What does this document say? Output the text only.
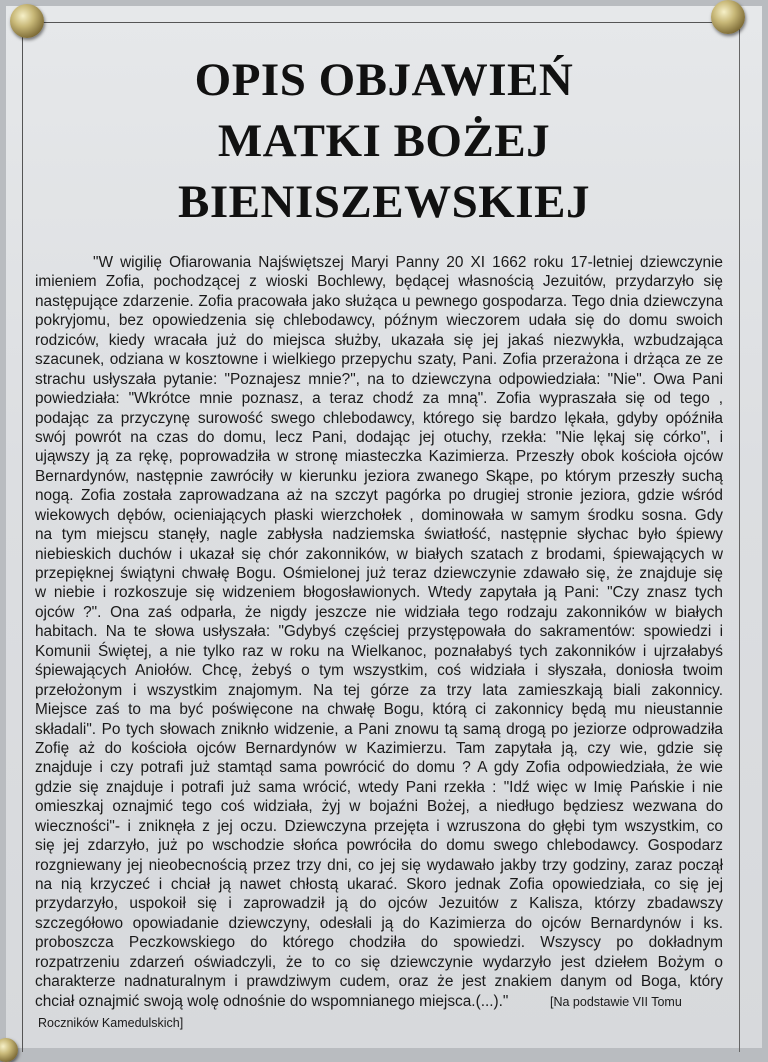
OPIS OBJAWIEŃ
MATKI BOŻEJ
BIENISZEWSKIEJ
"W wigilię Ofiarowania Najświętszej Maryi Panny 20 XI 1662 roku 17-letniej dziewczynie
imieniem Zofia, pochodzącej z wioski Bochlewy, będącej własnością Jezuitów, przydarzyło się
następujące zdarzenie. Zofia pracowała jako służąca u pewnego gospodarza. Tego dnia dziewczyna
pokryjomu, bez opowiedzenia się chlebodawcy, późnym wieczorem udała się do domu swoich
rodziców, kiedy wracała już do miejsca służby, ukazała się jej jakaś niezwykła, wzbudzająca
szacunek, odziana w kosztowne i wielkiego przepychu szaty, Pani. Zofia przerażona i drżąca ze ze
strachu usłyszała pytanie: "Poznajesz mnie?", na to dziewczyna odpowiedziała: "Nie". Owa Pani
powiedziała: "Wkrótce mnie poznasz, a teraz chodź za mną". Zofia wypraszała się od tego ,
podając za przyczynę surowość swego chlebodawcy, którego się bardzo lękała, gdyby opóźniła
swój powrót na czas do domu, lecz Pani, dodając jej otuchy, rzekła: "Nie lękaj się córko", i
ująwszy ją za rękę, poprowadziła w stronę miasteczka Kazimierza. Przeszły obok kościoła ojców
Bernardynów, następnie zawróciły w kierunku jeziora zwanego Skąpe, po którym przeszły suchą
nogą. Zofia została zaprowadzana aż na szczyt pagórka po drugiej stronie jeziora, gdzie wśród
wiekowych dębów, ocieniających płaski wierzchołek , dominowała w samym środku sosna. Gdy
na tym miejscu stanęły, nagle zabłysła nadziemska światłość, następnie słychac było śpiewy
niebieskich duchów i ukazał się chór zakonników, w białych szatach z brodami, śpiewających w
przepięknej świątyni chwałę Bogu. Ośmielonej już teraz dziewczynie zdawało się, że znajduje się
w niebie i rozkoszuje się widzeniem błogosławionych. Wtedy zapytała ją Pani: "Czy znasz tych
ojców ?". Ona zaś odparła, że nigdy jeszcze nie widziała tego rodzaju zakonników w białych
habitach. Na te słowa usłyszała: "Gdybyś częściej przystępowała do sakramentów: spowiedzi i
Komunii Świętej, a nie tylko raz w roku na Wielkanoc, poznałabyś tych zakonników i ujrzałabyś
śpiewających Aniołów. Chcę, żebyś o tym wszystkim, coś widziała i słyszała, doniosła twoim
przełożonym i wszystkim znajomym. Na tej górze za trzy lata zamieszkają biali zakonnicy.
Miejsce zaś to ma być poświęcone na chwałę Bogu, którą ci zakonnicy będą mu nieustannie
składali". Po tych słowach zniknło widzenie, a Pani znowu tą samą drogą po jeziorze odprowadziła
Zofię aż do kościoła ojców Bernardynów w Kazimierzu. Tam zapytała ją, czy wie, gdzie się
znajduje i czy potrafi już stamtąd sama powrócić do domu ? A gdy Zofia odpowiedziała, że wie
gdzie się znajduje i potrafi już sama wrócić, wtedy Pani rzekła : "Idź więc w Imię Pańskie i nie
omieszkaj oznajmić tego coś widziała, żyj w bojaźni Bożej, a niedługo będziesz wezwana do
wieczności"- i zniknęła z jej oczu. Dziewczyna przejęta i wzruszona do głębi tym wszystkim, co
się jej zdarzyło, już po wschodzie słońca powróciła do domu swego chlebodawcy. Gospodarz
rozgniewany jej nieobecnością przez trzy dni, co jej się wydawało jakby trzy godziny, zaraz począł
na nią krzyczeć i chciał ją nawet chłostą ukarać. Skoro jednak Zofia opowiedziała, co się jej
przydarzyło, uspokoił się i zaprowadził ją do ojców Jezuitów z Kalisza, którzy zbadawszy
szczegółowo opowiadanie dziewczyny, odesłali ją do Kazimierza do ojców Bernardynów i ks.
proboszcza Peczkowskiego do którego chodziła do spowiedzi. Wszyscy po dokładnym
rozpatrzeniu zdarzeń oświadczyli, że to co się dziewczynie wydarzyło jest dziełem Bożym o
charakterze nadnaturalnym i prawdziwym cudem, oraz że jest znakiem danym od Boga, który
chciał oznajmić swoją wolę odnośnie do wspomnianego miejsca.(...)."	[Na podstawie VII Tomu
Roczników Kamedulskich]
